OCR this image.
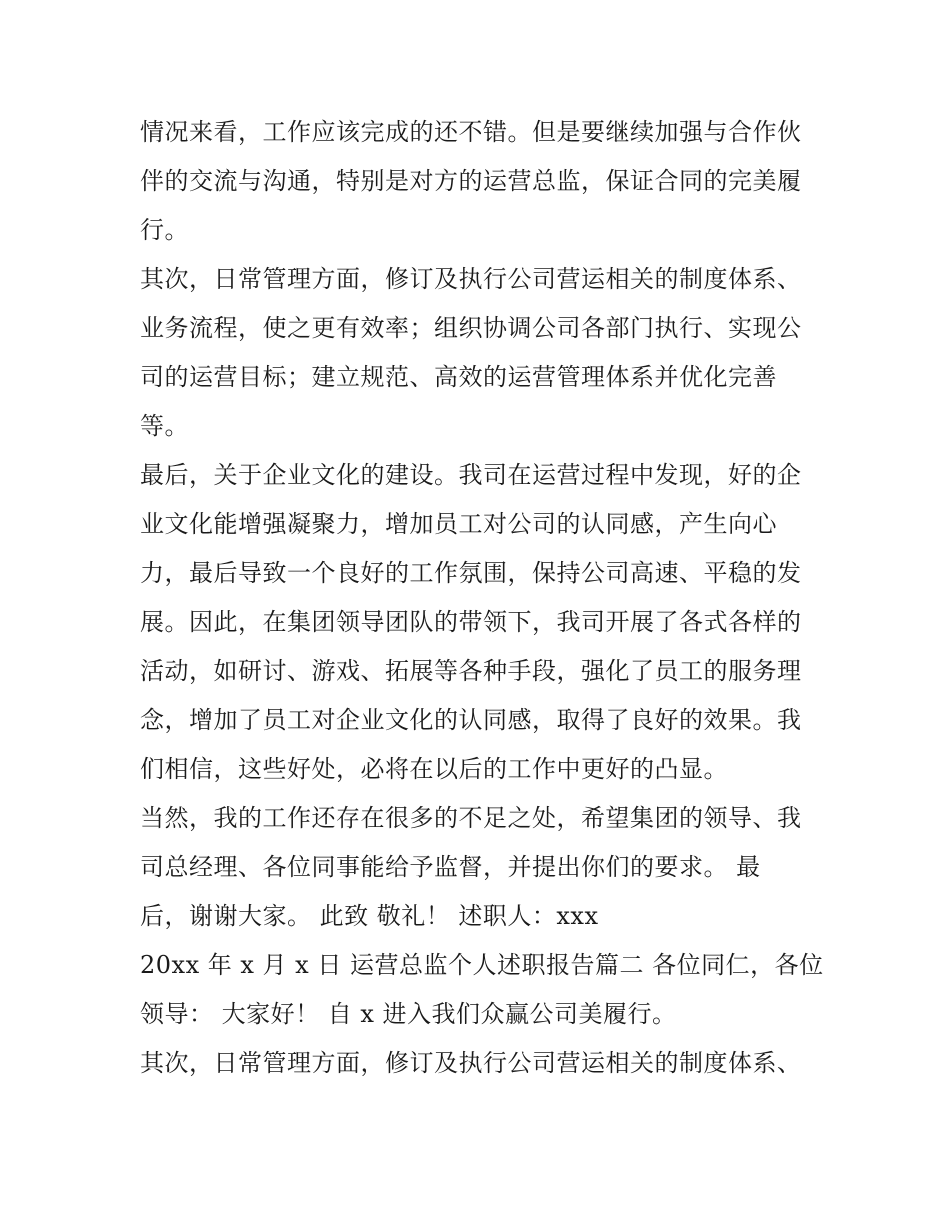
情况来看，工作应该完成的还不错。但是要继续加强与合作伙
伴的交流与沟通，特别是对方的运营总监，保证合同的完美履
行。
其次，日常管理方面，修订及执行公司营运相关的制度体系、
业务流程，使之更有效率；组织协调公司各部门执行、实现公
司的运营目标；建立规范、高效的运营管理体系并优化完善
等。
最后，关于企业文化的建设。我司在运营过程中发现，好的企
业文化能增强凝聚力，增加员工对公司的认同感，产生向心
力，最后导致一个良好的工作氛围，保持公司高速、平稳的发
展。因此，在集团领导团队的带领下，我司开展了各式各样的
活动，如研讨、游戏、拓展等各种手段，强化了员工的服务理
念，增加了员工对企业文化的认同感，取得了良好的效果。我
们相信，这些好处，必将在以后的工作中更好的凸显。
当然，我的工作还存在很多的不足之处，希望集团的领导、我
司总经理、各位同事能给予监督，并提出你们的要求。 最
后，谢谢大家。 此致 敬礼！ 述职人：xxx
20xx 年 x 月 x 日 运营总监个人述职报告篇二 各位同仁，各位
领导： 大家好！ 自 x 进入我们众赢公司美履行。
其次，日常管理方面，修订及执行公司营运相关的制度体系、
